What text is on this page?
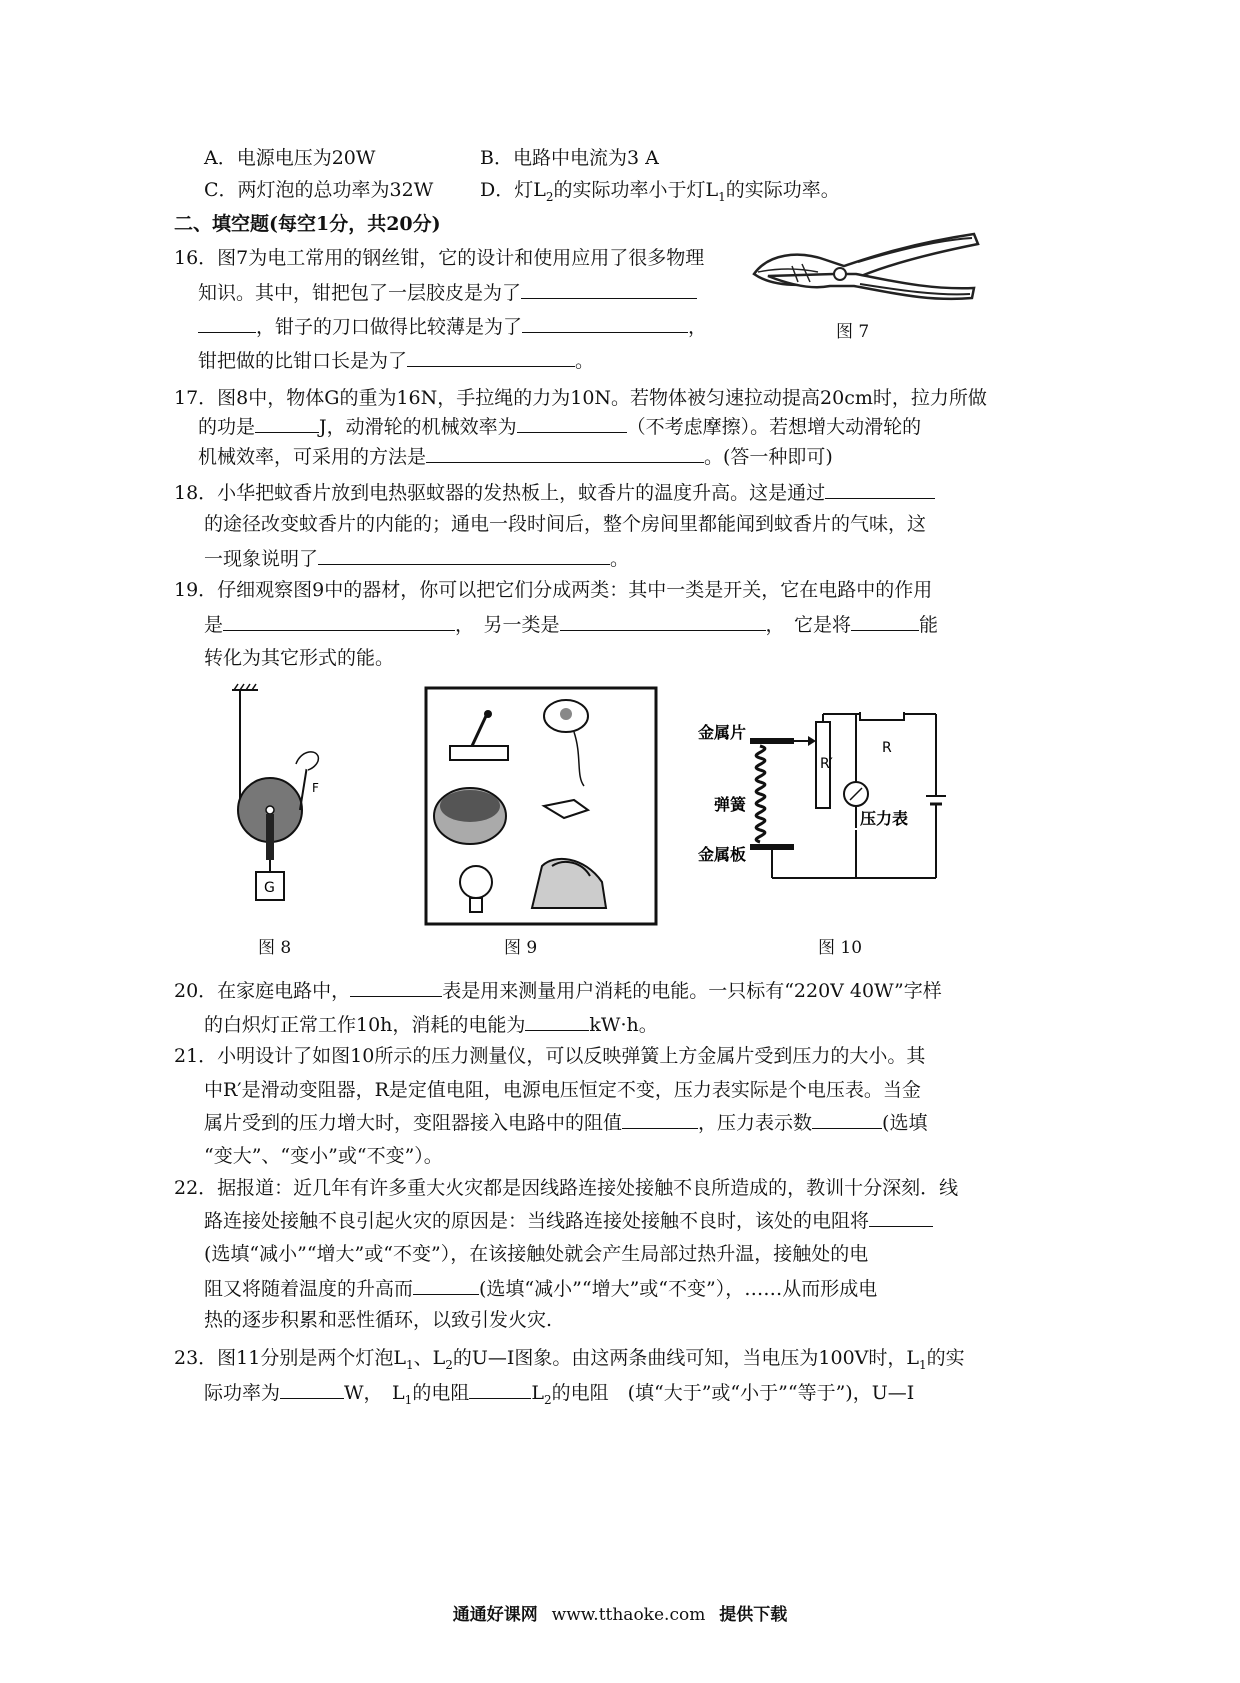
A．电源电压为20W	B．电路中电流为3 A
C．两灯泡的总功率为32W D．灯$L_2$的实际功率小于灯$L_1$的实际功率。
二、填空题(每空1分，共20分)
16．图7为电工常用的钢丝钳，它的设计和使用应用了很多物理
知识。其中，钳把包了一层胶皮是为了
，钳子的刀口做得比较薄是为了	，
钳把做的比钳口长是为了	。
图 7
17．图8中，物体G的重为16N，手拉绳的力为10N。若物体被匀速拉动提高20cm时，拉力所做
的功是	J，动滑轮的机械效率为	（不考虑摩擦）。若想增大动滑轮的
机械效率，可采用的方法是	。(答一种即可)
18．小华把蚊香片放到电热驱蚊器的发热板上，蚊香片的温度升高。这是通过
的途径改变蚊香片的内能的；通电一段时间后，整个房间里都能闻到蚊香片的气味，这
一现象说明了	。
19．仔细观察图9中的器材，你可以把它们分成两类：其中一类是开关，它在电路中的作用
是	，　另一类是	，　它是将	能
转化为其它形式的能。
F
G
图 8	图 9
金属片
弹簧
金属板
R′
R
压力表
图 10
20．在家庭电路中，	表是用来测量用户消耗的电能。一只标有“220V 40W”字样
的白炽灯正常工作10h，消耗的电能为	kW·h。
21．小明设计了如图10所示的压力测量仪，可以反映弹簧上方金属片受到压力的大小。其
中R′是滑动变阻器，R是定值电阻，电源电压恒定不变，压力表实际是个电压表。当金
属片受到的压力增大时，变阻器接入电路中的阻值	，压力表示数	(选填
“变大”、“变小”或“不变”）。
22．据报道：近几年有许多重大火灾都是因线路连接处接触不良所造成的，教训十分深刻．线
路连接处接触不良引起火灾的原因是：当线路连接处接触不良时，该处的电阻将
(选填“减小”“增大”或“不变”），在该接触处就会产生局部过热升温，接触处的电
阻又将随着温度的升高而	(选填“减小”“增大”或“不变”），……从而形成电
热的逐步积累和恶性循环，以致引发火灾.
23．图11分别是两个灯泡$L_1$、$L_2$的U—I图象。由这两条曲线可知，当电压为100V时，$L_1$的实
际功率为	W，　$L_1$的电阻	$L_2$的电阻　(填“大于”或“小于”“等于”)，U—I
通通好课网 www.tthaoke.com 提供下载
